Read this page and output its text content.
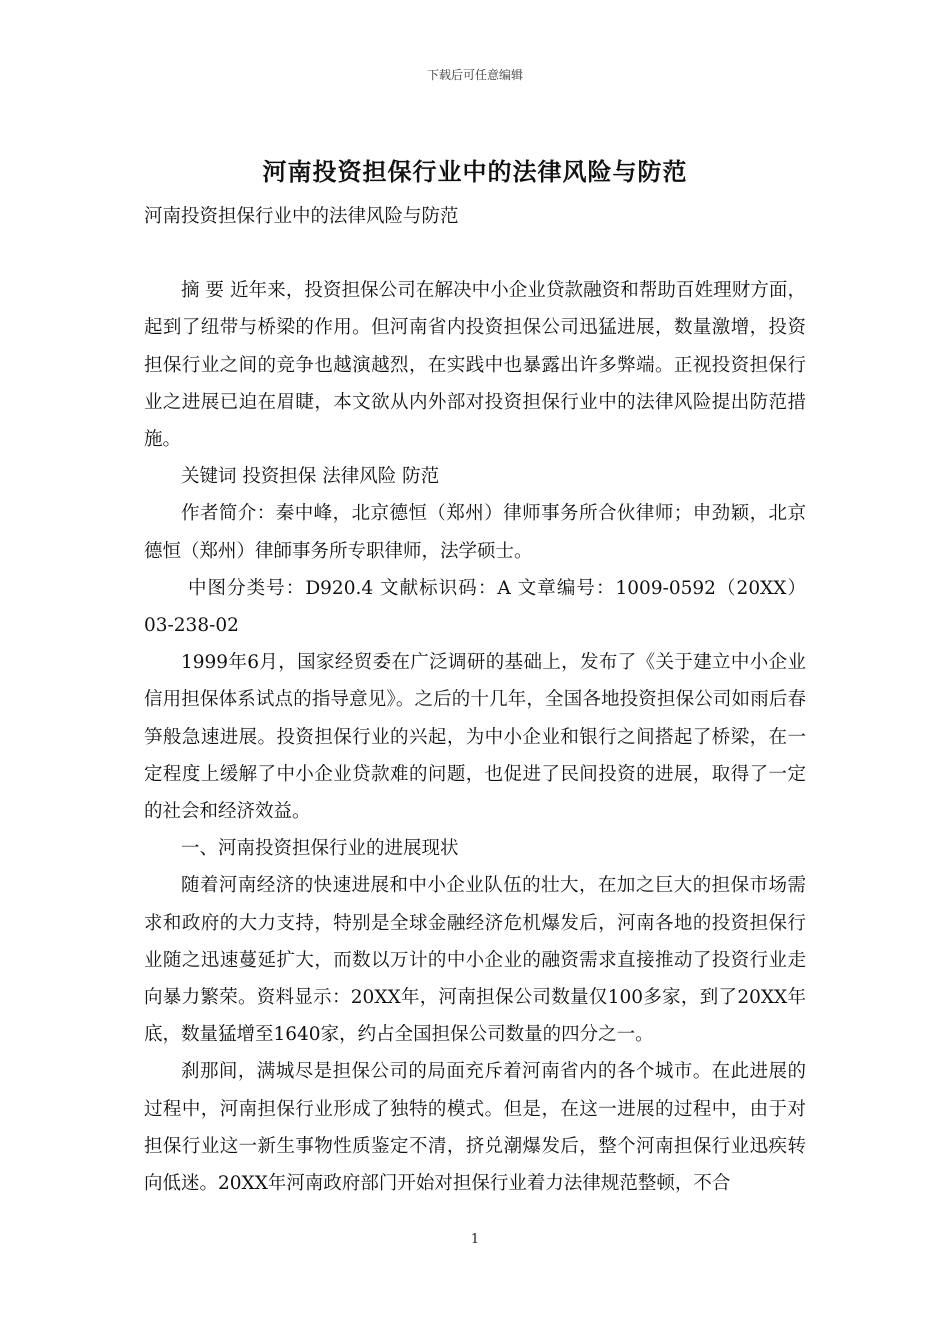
下载后可任意编辑
河南投资担保行业中的法律风险与防范

河南投资担保行业中的法律风险与防范

摘 要 近年来，投资担保公司在解决中小企业贷款融资和帮助百姓理财方面，起到了纽带与桥梁的作用。但河南省内投资担保公司迅猛进展，数量激增，投资担保行业之间的竞争也越演越烈，在实践中也暴露出许多弊端。正视投资担保行业之进展已迫在眉睫，本文欲从内外部对投资担保行业中的法律风险提出防范措施。

关键词 投资担保 法律风险 防范

作者简介：秦中峰，北京德恒（郑州）律师事务所合伙律师；申劲颖，北京德恒（郑州）律師事务所专职律师，法学硕士。

中图分类号：D920.4 文献标识码：A 文章编号：1009-0592（20XX）03-238-02

1999年6月，国家经贸委在广泛调研的基础上，发布了《关于建立中小企业信用担保体系试点的指导意见》。之后的十几年，全国各地投资担保公司如雨后春笋般急速进展。投资担保行业的兴起，为中小企业和银行之间搭起了桥梁，在一定程度上缓解了中小企业贷款难的问题，也促进了民间投资的进展，取得了一定的社会和经济效益。

一、河南投资担保行业的进展现状

随着河南经济的快速进展和中小企业队伍的壮大，在加之巨大的担保市场需求和政府的大力支持，特别是全球金融经济危机爆发后，河南各地的投资担保行业随之迅速蔓延扩大，而数以万计的中小企业的融资需求直接推动了投资行业走向暴力繁荣。资料显示：20XX年，河南担保公司数量仅100多家，到了20XX年底，数量猛增至1640家，约占全国担保公司数量的四分之一。

刹那间，满城尽是担保公司的局面充斥着河南省内的各个城市。在此进展的过程中，河南担保行业形成了独特的模式。但是，在这一进展的过程中，由于对担保行业这一新生事物性质鉴定不清，挤兑潮爆发后，整个河南担保行业迅疾转向低迷。20XX年河南政府部门开始对担保行业着力法律规范整顿，不合

1
